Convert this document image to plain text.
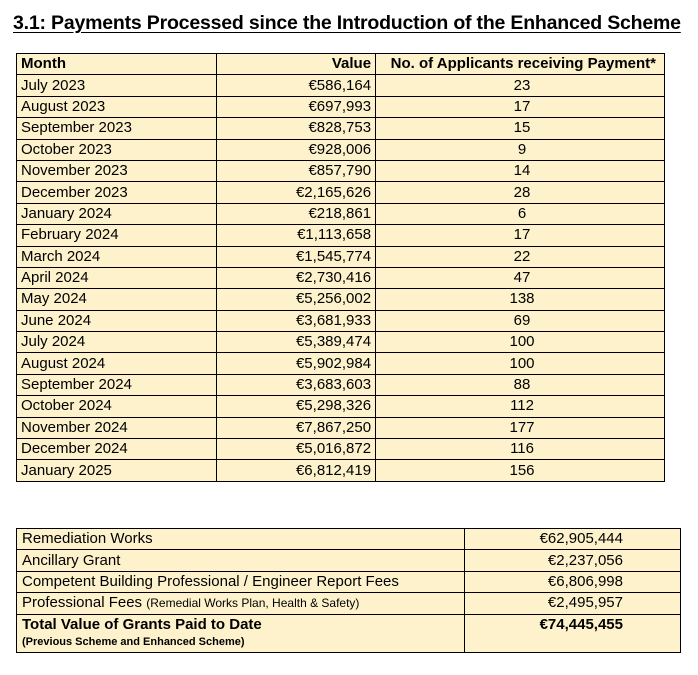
3.1: Payments Processed since the Introduction of the Enhanced Scheme
Month	Value	No. of Applicants receiving Payment*
July 2023	€586,164	23
August 2023	€697,993	17
September 2023	€828,753	15
October 2023	€928,006	9
November 2023	€857,790	14
December 2023	€2,165,626	28
January 2024	€218,861	6
February 2024	€1,113,658	17
March 2024	€1,545,774	22
April 2024	€2,730,416	47
May 2024	€5,256,002	138
June 2024	€3,681,933	69
July 2024	€5,389,474	100
August 2024	€5,902,984	100
September 2024	€3,683,603	88
October 2024	€5,298,326	112
November 2024	€7,867,250	177
December 2024	€5,016,872	116
January 2025	€6,812,419	156
Remediation Works	€62,905,444
Ancillary Grant	€2,237,056
Competent Building Professional / Engineer Report Fees	€6,806,998
Professional Fees (Remedial Works Plan, Health & Safety)	€2,495,957
Total Value of Grants Paid to Date
(Previous Scheme and Enhanced Scheme)	€74,445,455
